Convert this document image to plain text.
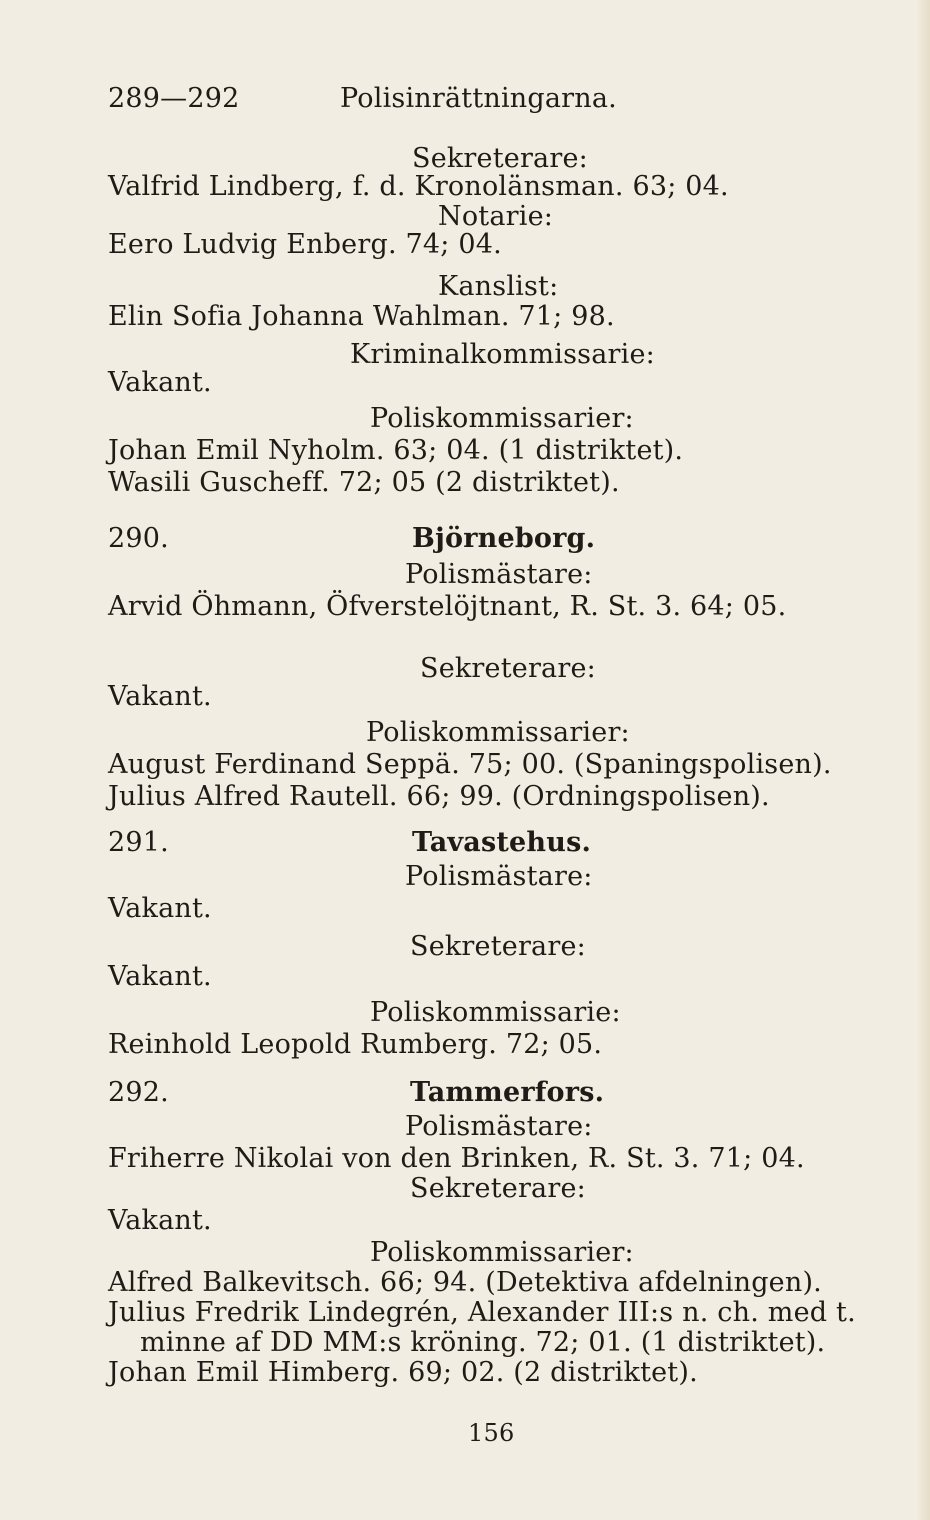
289—292	Polisinrättningarna.
Sekreterare:
Valfrid Lindberg, f. d. Kronolänsman. 63; 04.
Notarie:
Eero Ludvig Enberg. 74; 04.
Kanslist:
Elin Sofia Johanna Wahlman. 71; 98.
Kriminalkommissarie:
Vakant.
Poliskommissarier:
Johan Emil Nyholm. 63; 04. (1 distriktet).
Wasili Guscheff. 72; 05 (2 distriktet).
290.	Björneborg.
Polismästare:
Arvid Öhmann, Öfverstelöjtnant, R. St. 3. 64; 05.
Sekreterare:
Vakant.
Poliskommissarier:
August Ferdinand Seppä. 75; 00. (Spaningspolisen).
Julius Alfred Rautell. 66; 99. (Ordningspolisen).
291.	Tavastehus.
Polismästare:
Vakant.
Sekreterare:
Vakant.
Poliskommissarie:
Reinhold Leopold Rumberg. 72; 05.
292.	Tammerfors.
Polismästare:
Friherre Nikolai von den Brinken, R. St. 3. 71; 04.
Sekreterare:
Vakant.
Poliskommissarier:
Alfred Balkevitsch. 66; 94. (Detektiva afdelningen).
Julius Fredrik Lindegrén, Alexander III:s n. ch. med t.
minne af DD MM:s kröning. 72; 01. (1 distriktet).
Johan Emil Himberg. 69; 02. (2 distriktet).
156
